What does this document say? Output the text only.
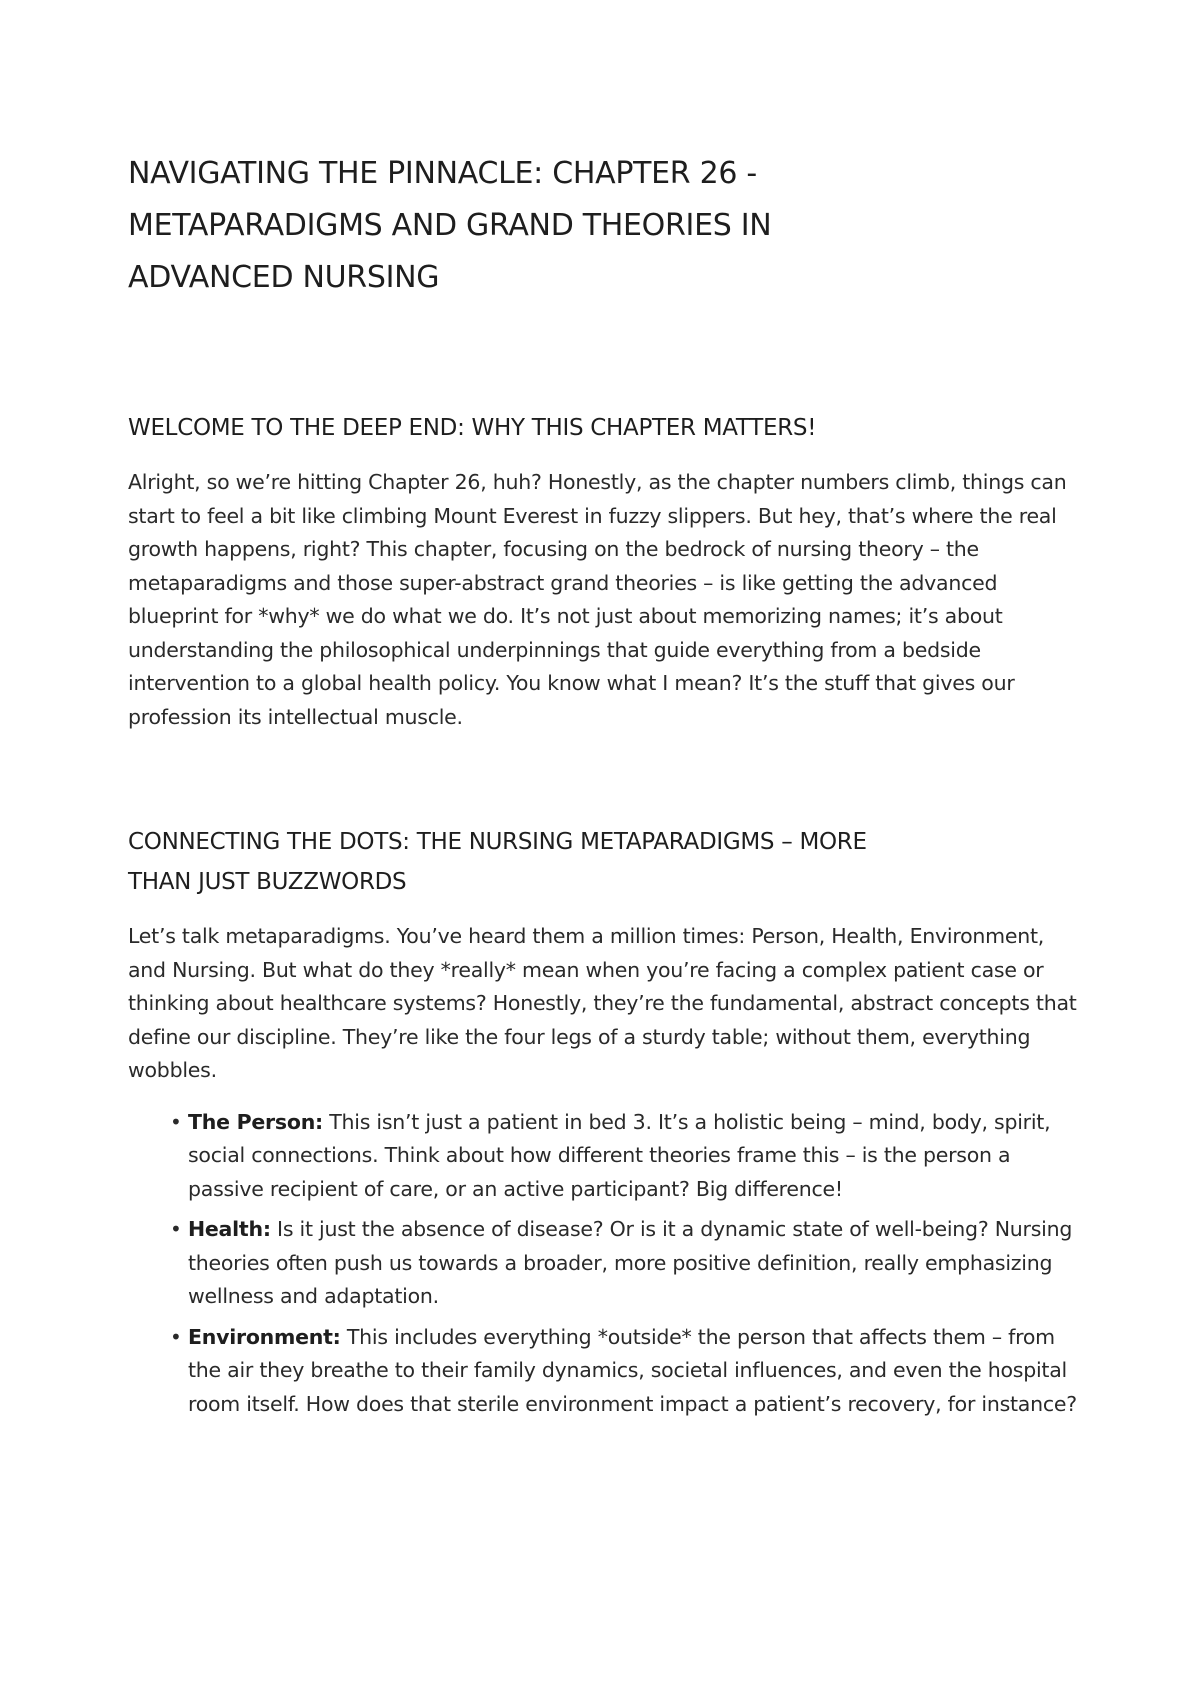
NAVIGATING THE PINNACLE: CHAPTER 26 -
METAPARADIGMS AND GRAND THEORIES IN
ADVANCED NURSING
WELCOME TO THE DEEP END: WHY THIS CHAPTER MATTERS!

Alright, so we’re hitting Chapter 26, huh? Honestly, as the chapter numbers climb, things can start to feel a bit like climbing Mount Everest in fuzzy slippers. But hey, that’s where the real growth happens, right? This chapter, focusing on the bedrock of nursing theory – the metaparadigms and those super-abstract grand theories – is like getting the advanced blueprint for *why* we do what we do. It’s not just about memorizing names; it’s about understanding the philosophical underpinnings that guide everything from a bedside intervention to a global health policy. You know what I mean? It’s the stuff that gives our profession its intellectual muscle.

CONNECTING THE DOTS: THE NURSING METAPARADIGMS – MORE
THAN JUST BUZZWORDS

Let’s talk metaparadigms. You’ve heard them a million times: Person, Health, Environment, and Nursing. But what do they *really* mean when you’re facing a complex patient case or thinking about healthcare systems? Honestly, they’re the fundamental, abstract concepts that define our discipline. They’re like the four legs of a sturdy table; without them, everything wobbles.

• The Person: This isn’t just a patient in bed 3. It’s a holistic being – mind, body, spirit, social connections. Think about how different theories frame this – is the person a passive recipient of care, or an active participant? Big difference!
• Health: Is it just the absence of disease? Or is it a dynamic state of well-being? Nursing theories often push us towards a broader, more positive definition, really emphasizing wellness and adaptation.
• Environment: This includes everything *outside* the person that affects them – from the air they breathe to their family dynamics, societal influences, and even the hospital room itself. How does that sterile environment impact a patient’s recovery, for instance?
